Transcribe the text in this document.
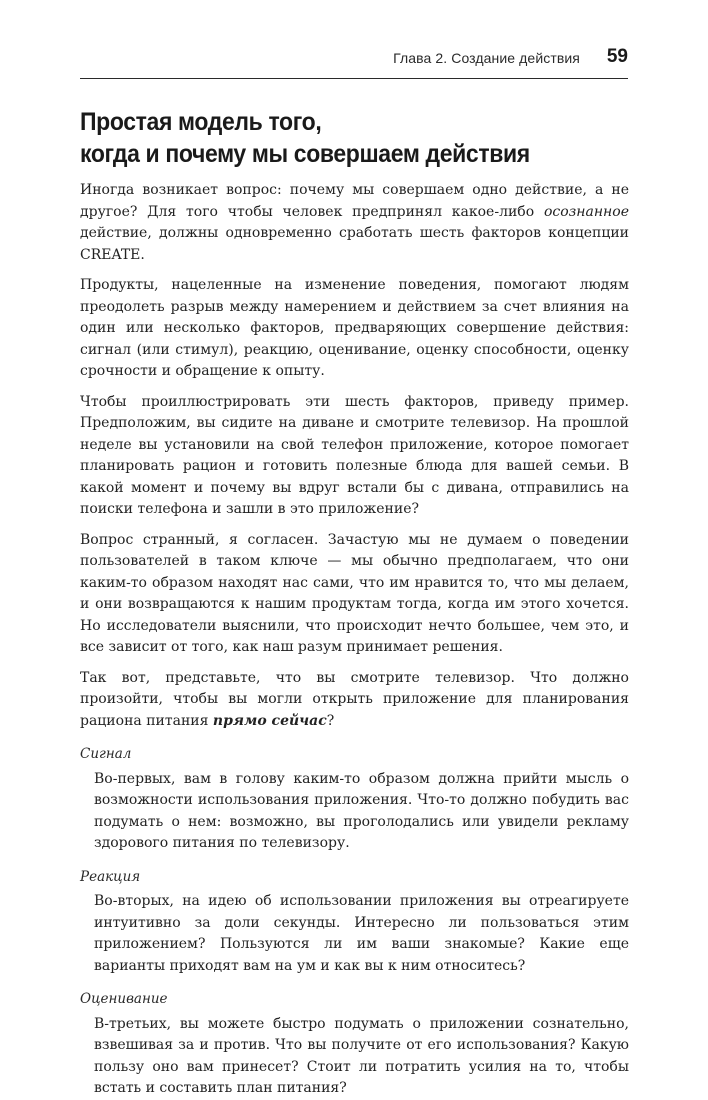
Глава 2. Создание действия 59
Простая модель того,
когда и почему мы совершаем действия

Иногда возникает вопрос: почему мы совершаем одно действие, а не другое? Для того чтобы человек предпринял какое-либо осознанное действие, должны одновременно сработать шесть факторов концепции CREATE.

Продукты, нацеленные на изменение поведения, помогают людям преодолеть разрыв между намерением и действием за счет влияния на один или несколько факторов, предваряющих совершение действия: сигнал (или стимул), реакцию, оценивание, оценку способности, оценку срочности и обращение к опыту.

Чтобы проиллюстрировать эти шесть факторов, приведу пример. Предположим, вы сидите на диване и смотрите телевизор. На прошлой неделе вы установили на свой телефон приложение, которое помогает планировать рацион и готовить полезные блюда для вашей семьи. В какой момент и почему вы вдруг встали бы с дивана, отправились на поиски телефона и зашли в это приложение?

Вопрос странный, я согласен. Зачастую мы не думаем о поведении пользователей в таком ключе — мы обычно предполагаем, что они каким-то образом находят нас сами, что им нравится то, что мы делаем, и они возвращаются к нашим продуктам тогда, когда им этого хочется. Но исследователи выяснили, что происходит нечто большее, чем это, и все зависит от того, как наш разум принимает решения.

Так вот, представьте, что вы смотрите телевизор. Что должно произойти, чтобы вы могли открыть приложение для планирования рациона питания прямо сейчас?

Сигнал

Во-первых, вам в голову каким-то образом должна прийти мысль о возможности использования приложения. Что-то должно побудить вас подумать о нем: возможно, вы проголодались или увидели рекламу здорового питания по телевизору.

Реакция

Во-вторых, на идею об использовании приложения вы отреагируете интуитивно за доли секунды. Интересно ли пользоваться этим приложением? Пользуются ли им ваши знакомые? Какие еще варианты приходят вам на ум и как вы к ним относитесь?

Оценивание

В-третьих, вы можете быстро подумать о приложении сознательно, взвешивая за и против. Что вы получите от его использования? Какую пользу оно вам принесет? Стоит ли потратить усилия на то, чтобы встать и составить план питания?
